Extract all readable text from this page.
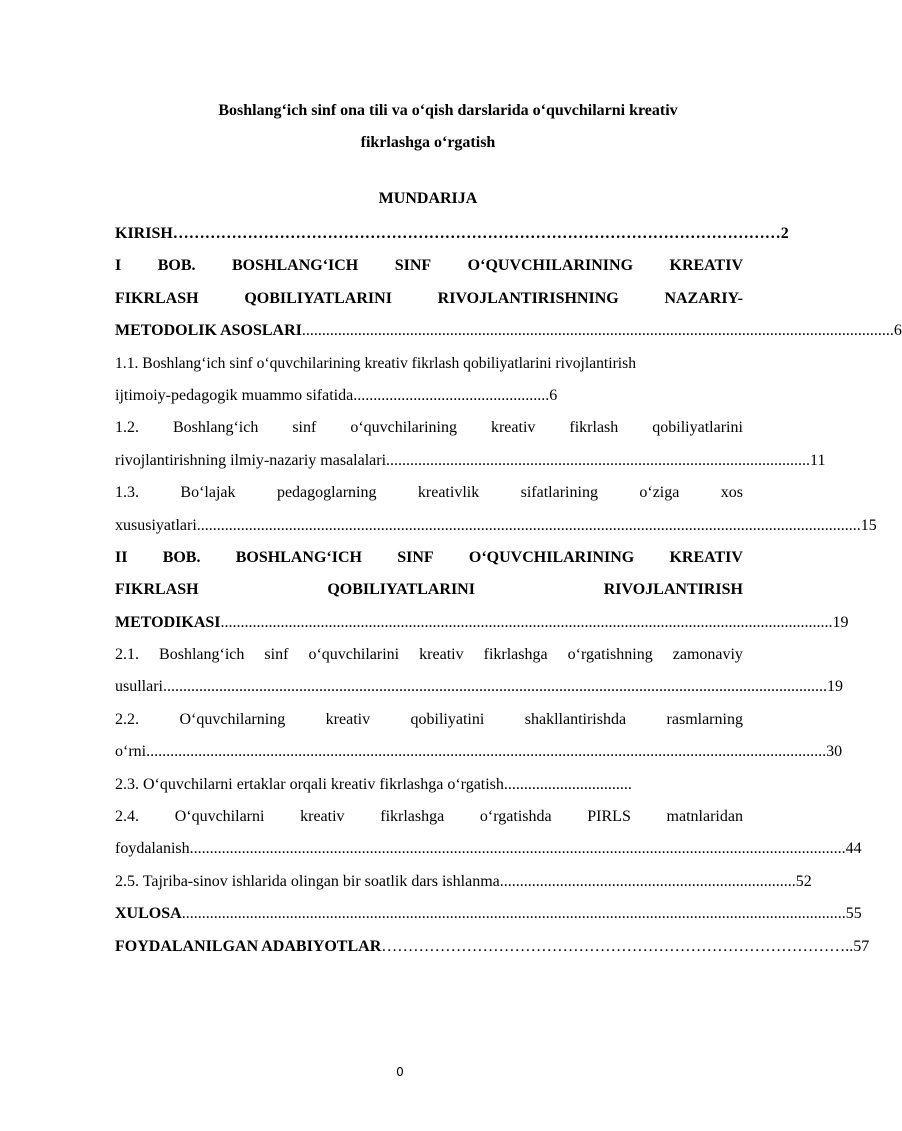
Boshlang‘ich sinf ona tili va o‘qish darslarida o‘quvchilarni kreativ
fikrlashga o‘rgatish
MUNDARIJA
KIRISH …………………………………………………………………………………………………… 2
I BOB. BOSHLANG‘ICH SINF O‘QUVCHILARINING KREATIV
FIKRLASH	QOBILIYATLARINI	RIVOJLANTIRISHNING	NAZARIY-
METODOLIK ASOSLARI .................................................................................................................................................... 6
1.1. Boshlang‘ich sinf o‘quvchilarining kreativ fikrlash qobiliyatlarini rivojlantirish
ijtimoiy-pedagogik muammo sifatida ................................................. 6
1.2. Boshlang‘ich sinf o‘quvchilarining kreativ fikrlash qobiliyatlarini
rivojlantirishning ilmiy-nazariy masalalari .......................................................................................................... 11
1.3.	Bo‘lajak	pedagoglarning	kreativlik	sifatlarining	o‘ziga	xos
xususiyatlari ...................................................................................................................................................................... 15
II BOB. BOSHLANG‘ICH SINF O‘QUVCHILARINING KREATIV
FIKRLASH	QOBILIYATLARINI	RIVOJLANTIRISH
METODIKASI ......................................................................................................................................................... 19
2.1. Boshlang‘ich sinf o‘quvchilarini kreativ fikrlashga o‘rgatishning zamonaviy
usullari ...................................................................................................................................................................... 19
2.2.	O‘quvchilarning	kreativ	qobiliyatini	shakllantirishda	rasmlarning
o‘rni .......................................................................................................................................................................... 30
2.3. O‘quvchilarni ertaklar orqali kreativ fikrlashga o‘rgatish................................
2.4. O‘quvchilarni kreativ fikrlashga o‘rgatishda PIRLS matnlaridan
foydalanish .................................................................................................................................................................... 44
2.5. Tajriba-sinov ishlarida olingan bir soatlik dars ishlanma .......................................................................... 52
XULOSA ...................................................................................................................................................................... 55
FOYDALANILGAN ADABIYOTLAR …………………………………………………………………………….. 57
0
